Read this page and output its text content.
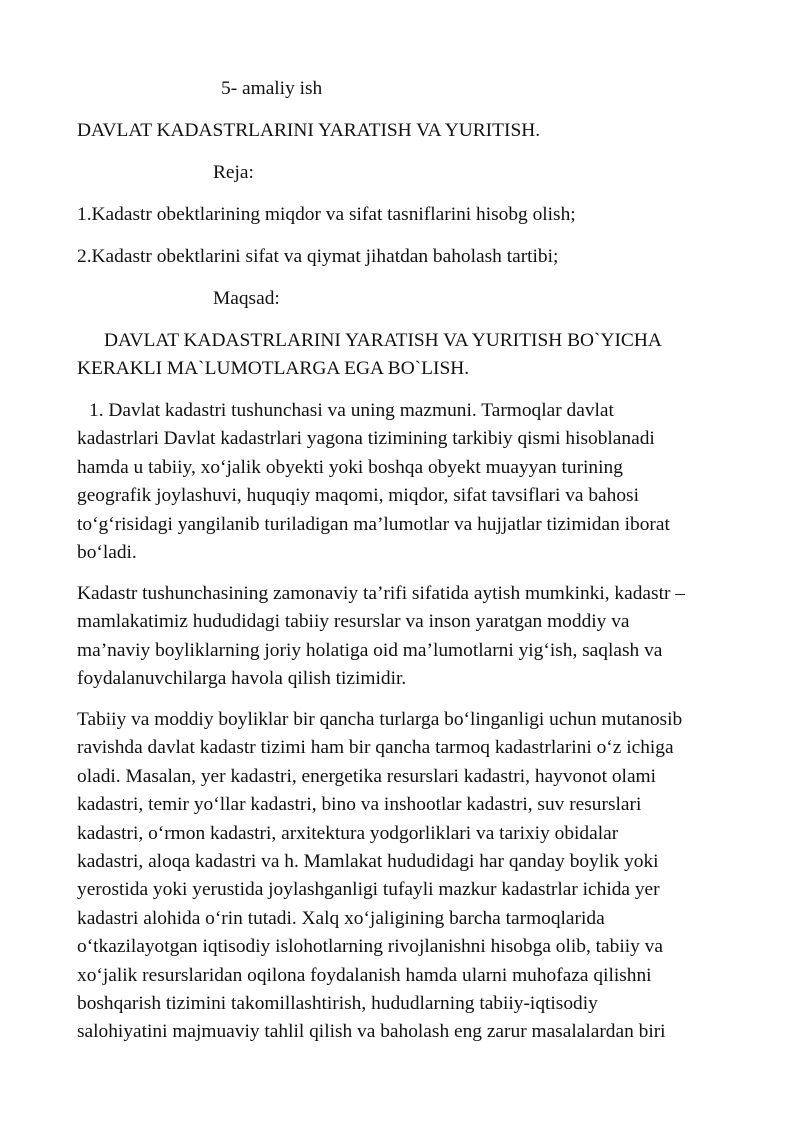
5- amaliy ish
DAVLAT KADASTRLARINI YARATISH VA YURITISH.
Reja:
1.Kadastr obektlarining miqdor va sifat tasniflarini hisobg olish;
2.Kadastr obektlarini sifat va qiymat jihatdan baholash tartibi;
Maqsad:
DAVLAT KADASTRLARINI YARATISH VA YURITISH BO`YICHA
KERAKLI MA`LUMOTLARGA EGA BO`LISH.
1. Davlat kadastri tushunchasi va uning mazmuni. Tarmoqlar davlat
kadastrlari Davlat kadastrlari yagona tizimining tarkibiy qismi hisoblanadi
hamda u tabiiy, xo‘jalik obyekti yoki boshqa obyekt muayyan turining
geografik joylashuvi, huquqiy maqomi, miqdor, sifat tavsiflari va bahosi
to‘g‘risidagi yangilanib turiladigan ma’lumotlar va hujjatlar tizimidan iborat
bo‘ladi.
Kadastr tushunchasining zamonaviy ta’rifi sifatida aytish mumkinki, kadastr –
mamlakatimiz hududidagi tabiiy resurslar va inson yaratgan moddiy va
ma’naviy boyliklarning joriy holatiga oid ma’lumotlarni yig‘ish, saqlash va
foydalanuvchilarga havola qilish tizimidir.
Tabiiy va moddiy boyliklar bir qancha turlarga bo‘linganligi uchun mutanosib
ravishda davlat kadastr tizimi ham bir qancha tarmoq kadastrlarini o‘z ichiga
oladi. Masalan, yer kadastri, energetika resurslari kadastri, hayvonot olami
kadastri, temir yo‘llar kadastri, bino va inshootlar kadastri, suv resurslari
kadastri, o‘rmon kadastri, arxitektura yodgorliklari va tarixiy obidalar
kadastri, aloqa kadastri va h. Mamlakat hududidagi har qanday boylik yoki
yerostida yoki yerustida joylashganligi tufayli mazkur kadastrlar ichida yer
kadastri alohida o‘rin tutadi. Xalq xo‘jaligining barcha tarmoqlarida
o‘tkazilayotgan iqtisodiy islohotlarning rivojlanishni hisobga olib, tabiiy va
xo‘jalik resurslaridan oqilona foydalanish hamda ularni muhofaza qilishni
boshqarish tizimini takomillashtirish, hududlarning tabiiy-iqtisodiy
salohiyatini majmuaviy tahlil qilish va baholash eng zarur masalalardan biri
